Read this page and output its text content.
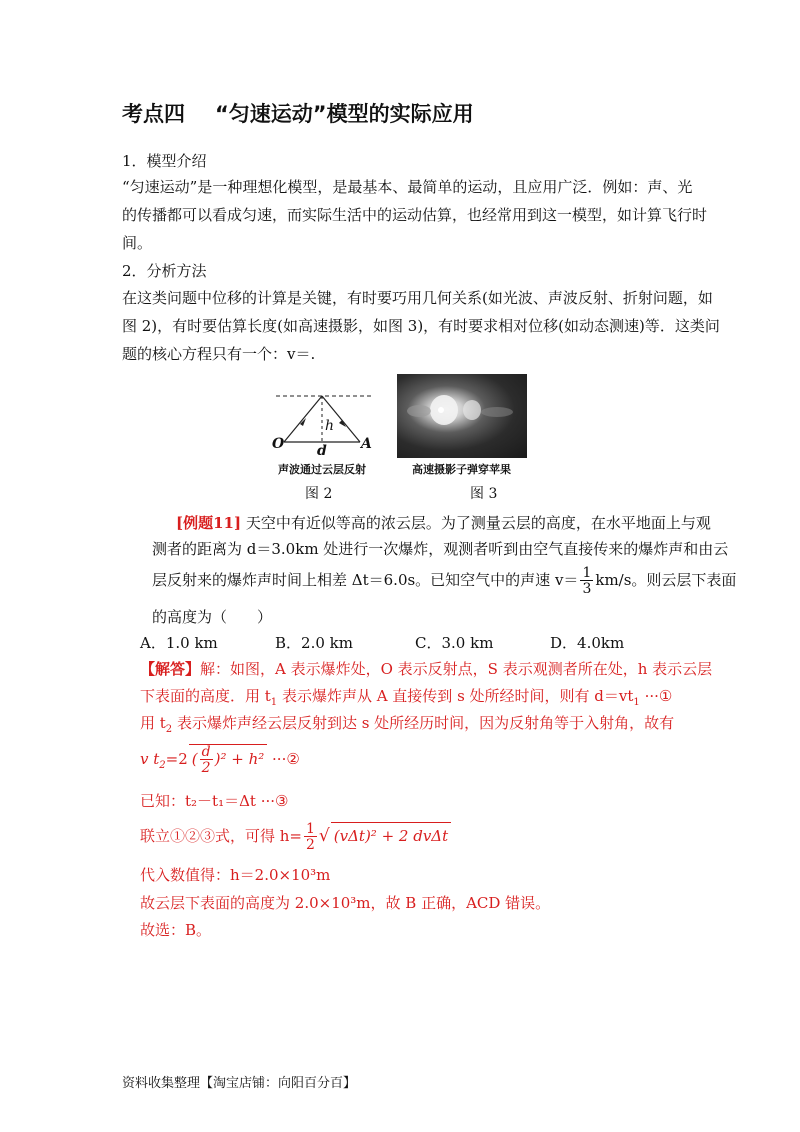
考点四 “匀速运动”模型的实际应用
1．模型介绍
“匀速运动”是一种理想化模型，是最基本、最简单的运动，且应用广泛．例如：声、光
的传播都可以看成匀速，而实际生活中的运动估算，也经常用到这一模型，如计算飞行时
间。
2．分析方法
在这类问题中位移的计算是关键，有时要巧用几何关系(如光波、声波反射、折射问题，如
图 2)，有时要估算长度(如高速摄影，如图 3)，有时要求相对位移(如动态测速)等．这类问
题的核心方程只有一个：v＝.
O	A
h
d
声波通过云层反射
图 2
高速摄影子弹穿苹果
图 3
[例题11] 天空中有近似等高的浓云层。为了测量云层的高度，在水平地面上与观
测者的距离为 d＝3.0km 处进行一次爆炸，观测者听到由空气直接传来的爆炸声和由云
层反射来的爆炸声时间上相差 Δt＝6.0s。已知空气中的声速 $v= \frac{1}{3} km/s$。则云层下表面
的高度为（　　）
A．1.0 km	B．2.0 km	C．3.0 km	D．4.0km
【解答】解：如图，A 表示爆炸处，O 表示反射点，S 表示观测者所在处，h 表示云层
下表面的高度．用 $t_1$ 表示爆炸声从 A 直接传到 s 处所经时间，则有 $d=vt_1$ ···①
用 $t_2$ 表示爆炸声经云层反射到达 s 处所经历时间，因为反射角等于入射角，故有
v $t_2=2$ ( $\frac{d}{2} )^2 + h^2$ ···②
已知：t₂－t₁＝Δt ···③
联立①②③式，可得 $h= \frac{1}{2}$ √ (vΔt)² + 2 dvΔt
代入数值得：h＝2.0×10³m
故云层下表面的高度为 2.0×10³m，故 B 正确，ACD 错误。
故选：B。
资料收集整理【淘宝店铺：向阳百分百】
